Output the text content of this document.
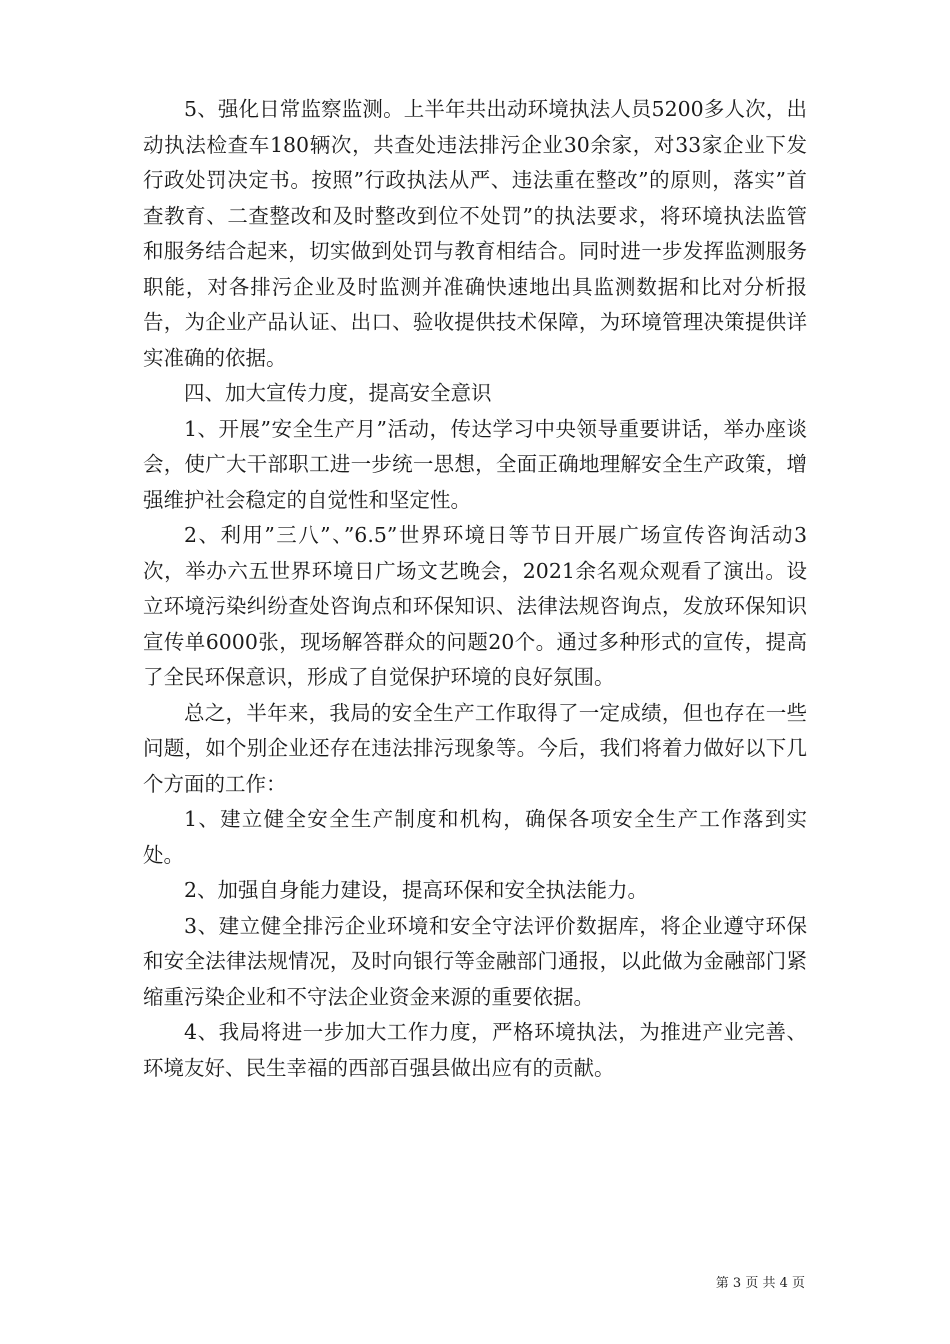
5、强化日常监察监测。上半年共出动环境执法人员5200多人次，出动执法检查车180辆次，共查处违法排污企业30余家，对33家企业下发行政处罚决定书。按照”行政执法从严、违法重在整改”的原则，落实”首查教育、二查整改和及时整改到位不处罚”的执法要求，将环境执法监管和服务结合起来，切实做到处罚与教育相结合。同时进一步发挥监测服务职能，对各排污企业及时监测并准确快速地出具监测数据和比对分析报告，为企业产品认证、出口、验收提供技术保障，为环境管理决策提供详实准确的依据。

四、加大宣传力度，提高安全意识

1、开展”安全生产月”活动，传达学习中央领导重要讲话，举办座谈会，使广大干部职工进一步统一思想，全面正确地理解安全生产政策，增强维护社会稳定的自觉性和坚定性。

2、利用”三八”、”6.5”世界环境日等节日开展广场宣传咨询活动3次，举办六五世界环境日广场文艺晚会，2021余名观众观看了演出。设立环境污染纠纷查处咨询点和环保知识、法律法规咨询点，发放环保知识宣传单6000张，现场解答群众的问题20个。通过多种形式的宣传，提高了全民环保意识，形成了自觉保护环境的良好氛围。

总之，半年来，我局的安全生产工作取得了一定成绩，但也存在一些问题，如个别企业还存在违法排污现象等。今后，我们将着力做好以下几个方面的工作：

1、建立健全安全生产制度和机构，确保各项安全生产工作落到实处。

2、加强自身能力建设，提高环保和安全执法能力。

3、建立健全排污企业环境和安全守法评价数据库，将企业遵守环保和安全法律法规情况，及时向银行等金融部门通报，以此做为金融部门紧缩重污染企业和不守法企业资金来源的重要依据。

4、我局将进一步加大工作力度，严格环境执法，为推进产业完善、环境友好、民生幸福的西部百强县做出应有的贡献。

第 3 页 共 4 页
